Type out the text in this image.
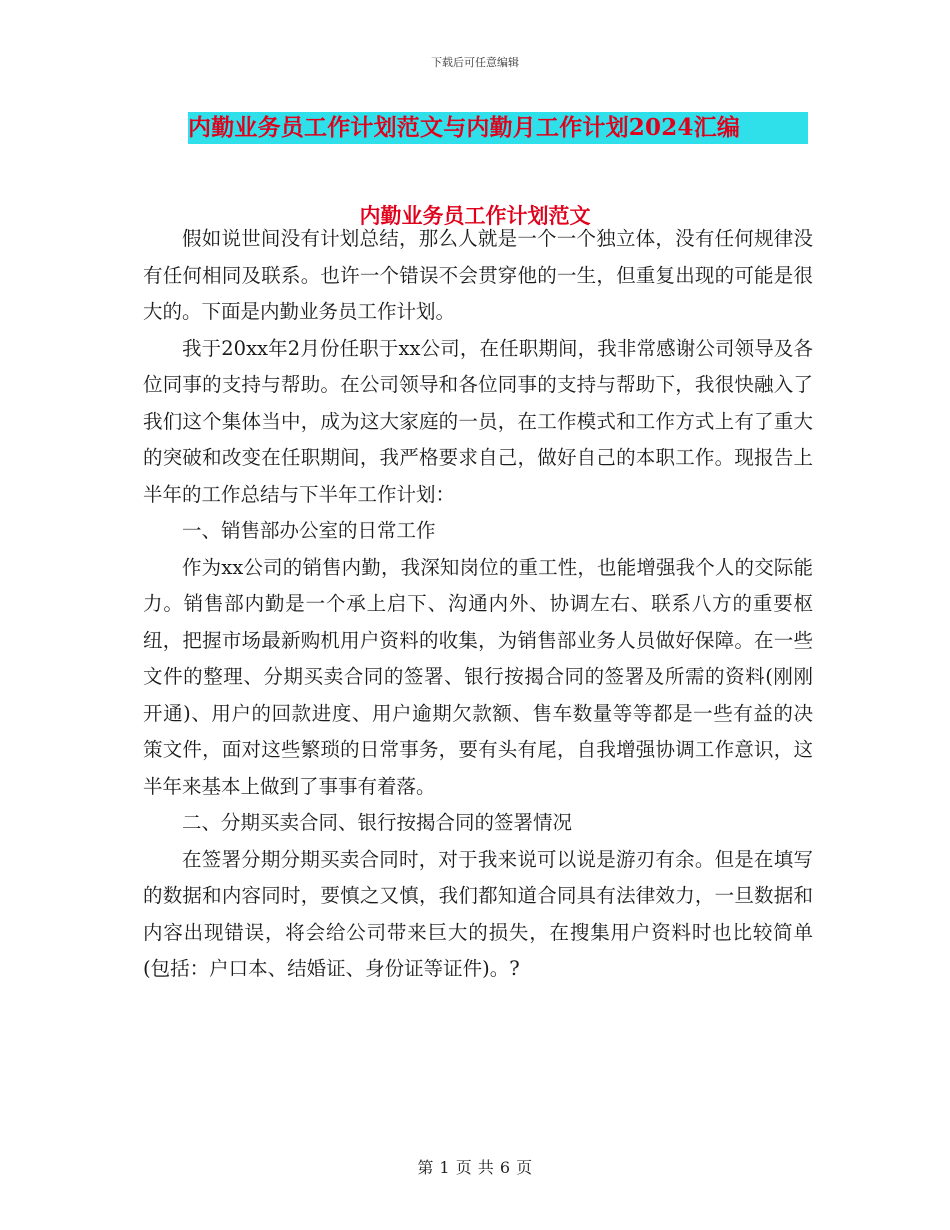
下载后可任意编辑
内勤业务员工作计划范文与内勤月工作计划2024汇编
内勤业务员工作计划范文

假如说世间没有计划总结，那么人就是一个一个独立体，没有任何规律没有任何相同及联系。也许一个错误不会贯穿他的一生，但重复出现的可能是很大的。下面是内勤业务员工作计划。

我于20xx年2月份任职于xx公司，在任职期间，我非常感谢公司领导及各位同事的支持与帮助。在公司领导和各位同事的支持与帮助下，我很快融入了我们这个集体当中，成为这大家庭的一员，在工作模式和工作方式上有了重大的突破和改变在任职期间，我严格要求自己，做好自己的本职工作。现报告上半年的工作总结与下半年工作计划：

一、销售部办公室的日常工作

作为xx公司的销售内勤，我深知岗位的重工性，也能增强我个人的交际能力。销售部内勤是一个承上启下、沟通内外、协调左右、联系八方的重要枢纽，把握市场最新购机用户资料的收集，为销售部业务人员做好保障。在一些文件的整理、分期买卖合同的签署、银行按揭合同的签署及所需的资料(刚刚开通)、用户的回款进度、用户逾期欠款额、售车数量等等都是一些有益的决策文件，面对这些繁琐的日常事务，要有头有尾，自我增强协调工作意识，这半年来基本上做到了事事有着落。

二、分期买卖合同、银行按揭合同的签署情况

在签署分期分期买卖合同时，对于我来说可以说是游刃有余。但是在填写的数据和内容同时，要慎之又慎，我们都知道合同具有法律效力，一旦数据和内容出现错误，将会给公司带来巨大的损失，在搜集用户资料时也比较简单(包括：户口本、结婚证、身份证等证件)。?

第 1 页 共 6 页
